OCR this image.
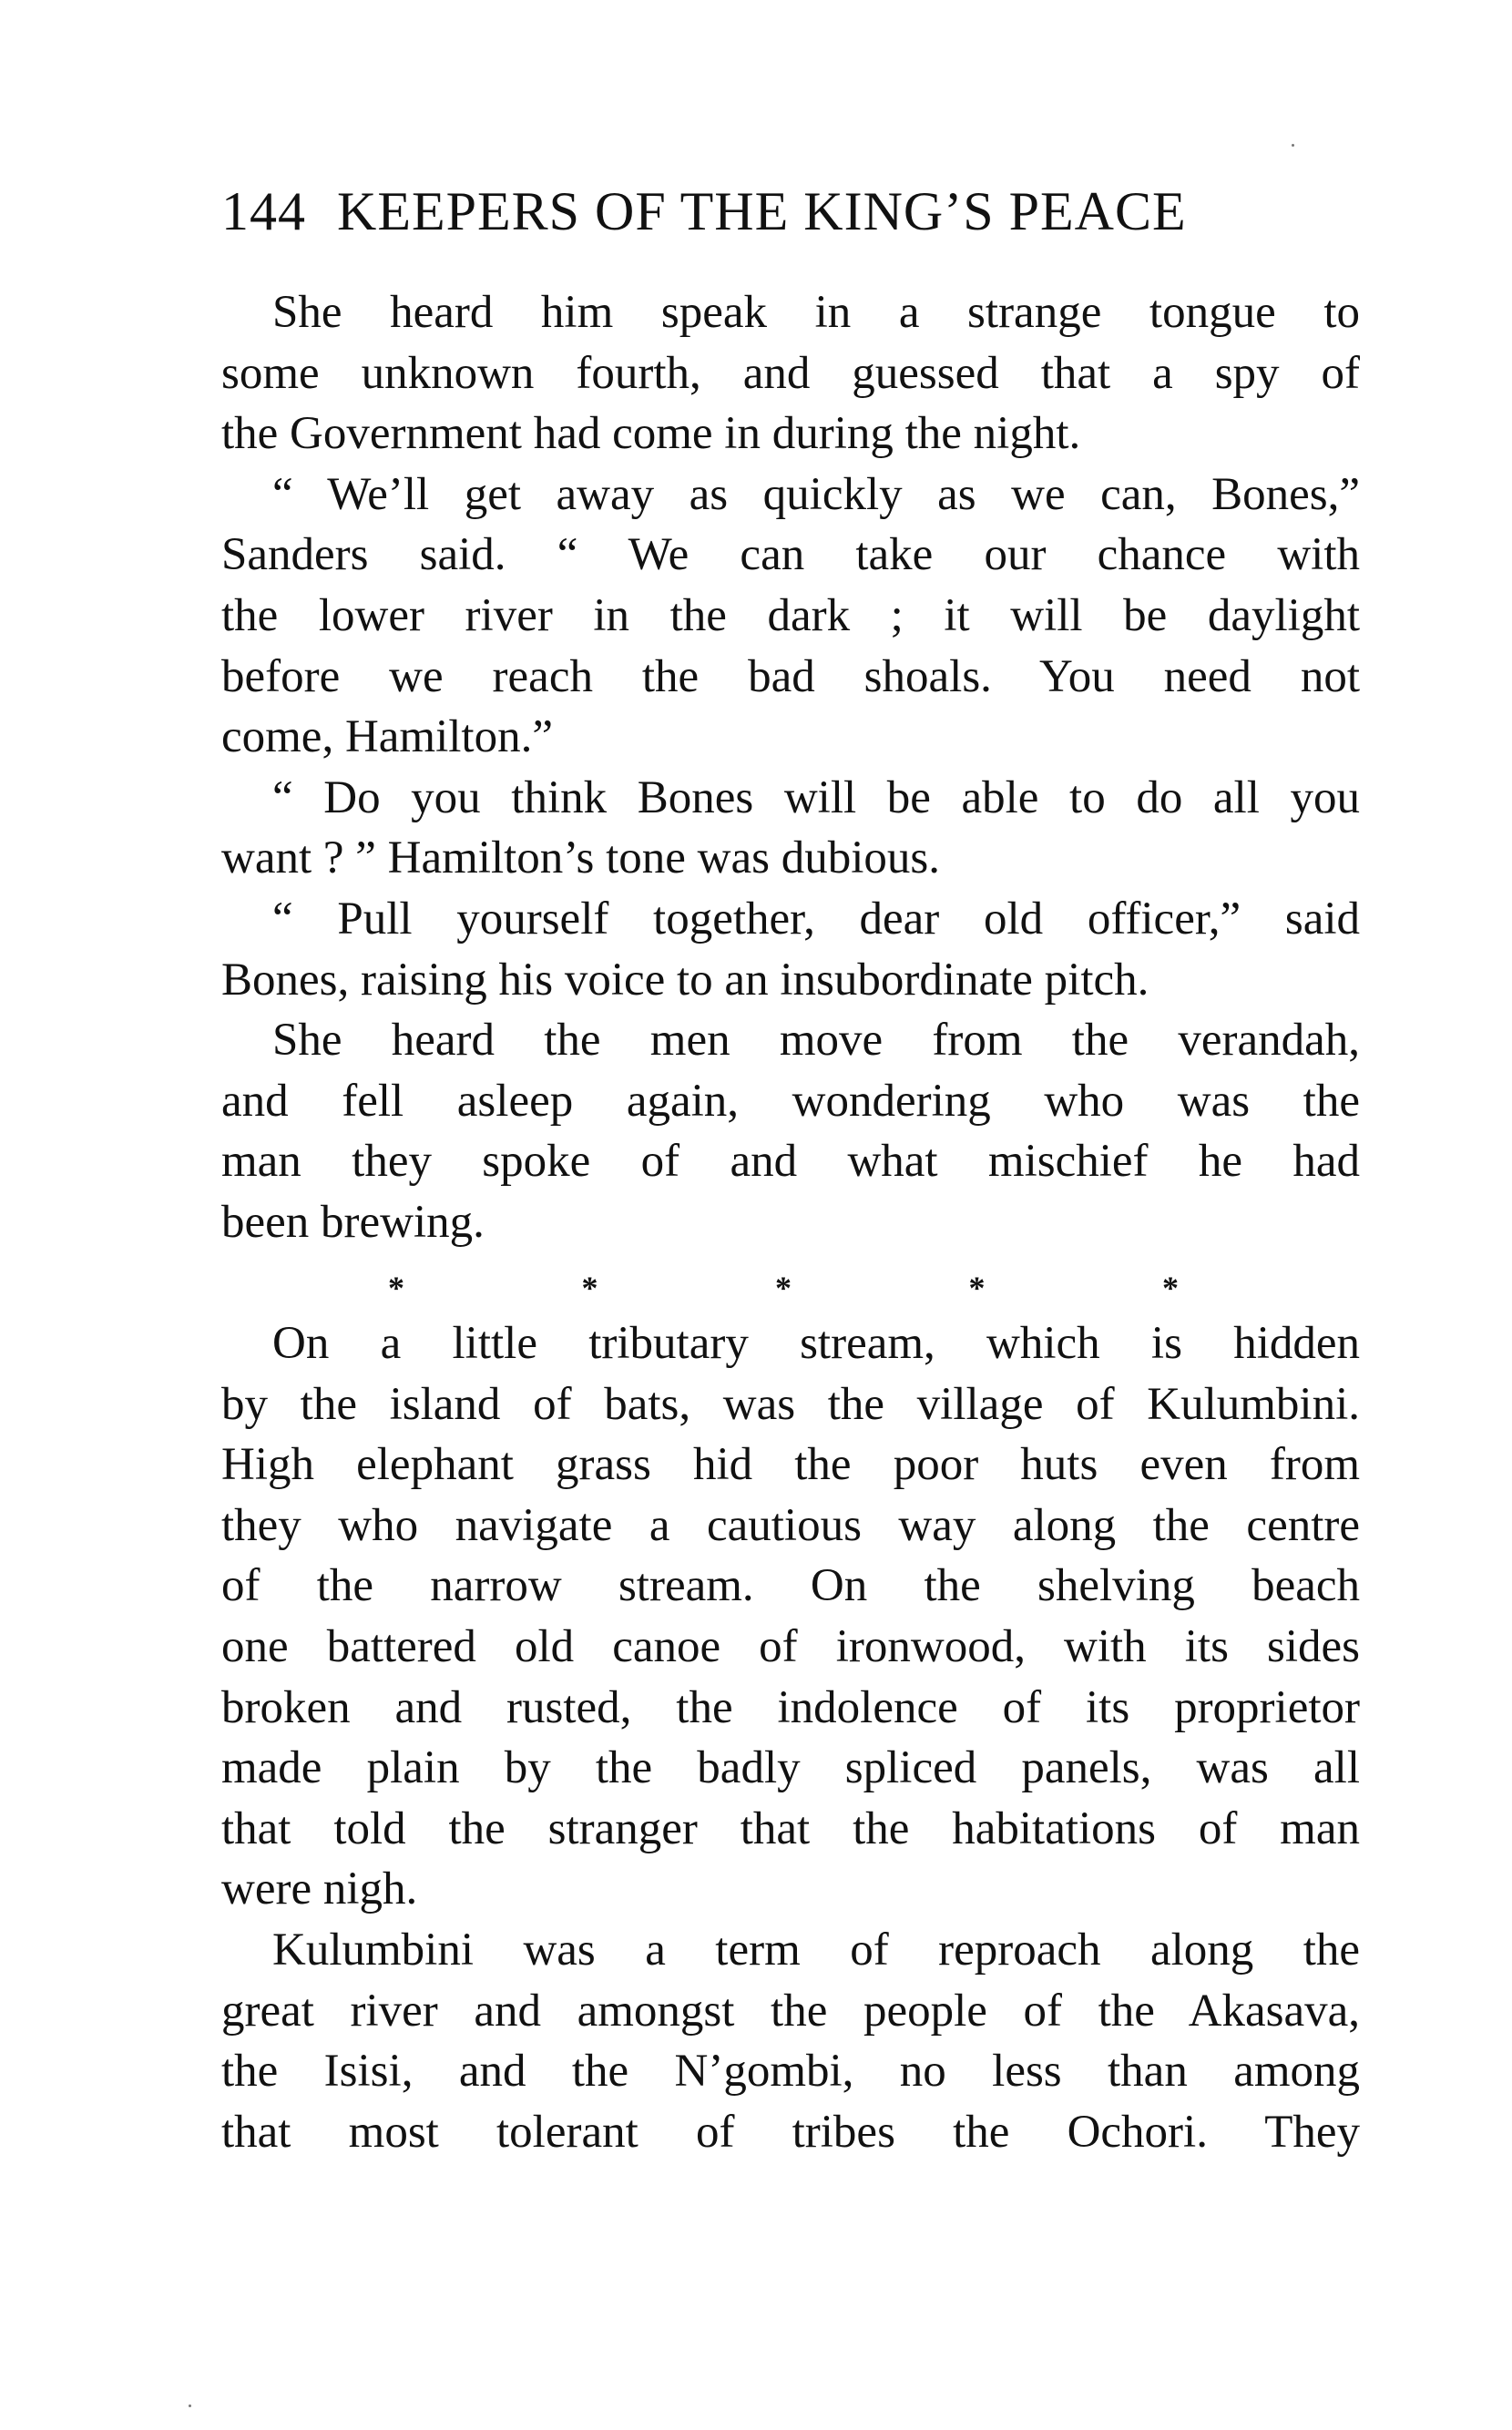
144 KEEPERS OF THE KING’S PEACE
She heard him speak in a strange tongue to
some unknown fourth, and guessed that a spy of
the Government had come in during the night.
“ We’ll get away as quickly as we can, Bones,”
Sanders said. “ We can take our chance with
the lower river in the dark ; it will be daylight
before we reach the bad shoals. You need not
come, Hamilton.”
“ Do you think Bones will be able to do all you
want ? ” Hamilton’s tone was dubious.
“ Pull yourself together, dear old officer,” said
Bones, raising his voice to an insubordinate pitch.
She heard the men move from the verandah,
and fell asleep again, wondering who was the
man they spoke of and what mischief he had
been brewing.
*	*	*	*	*
On a little tributary stream, which is hidden
by the island of bats, was the village of Kulumbini.
High elephant grass hid the poor huts even from
they who navigate a cautious way along the centre
of the narrow stream. On the shelving beach
one battered old canoe of ironwood, with its sides
broken and rusted, the indolence of its proprietor
made plain by the badly spliced panels, was all
that told the stranger that the habitations of man
were nigh.
Kulumbini was a term of reproach along the
great river and amongst the people of the Akasava,
the Isisi, and the N’gombi, no less than among
that most tolerant of tribes the Ochori. They
